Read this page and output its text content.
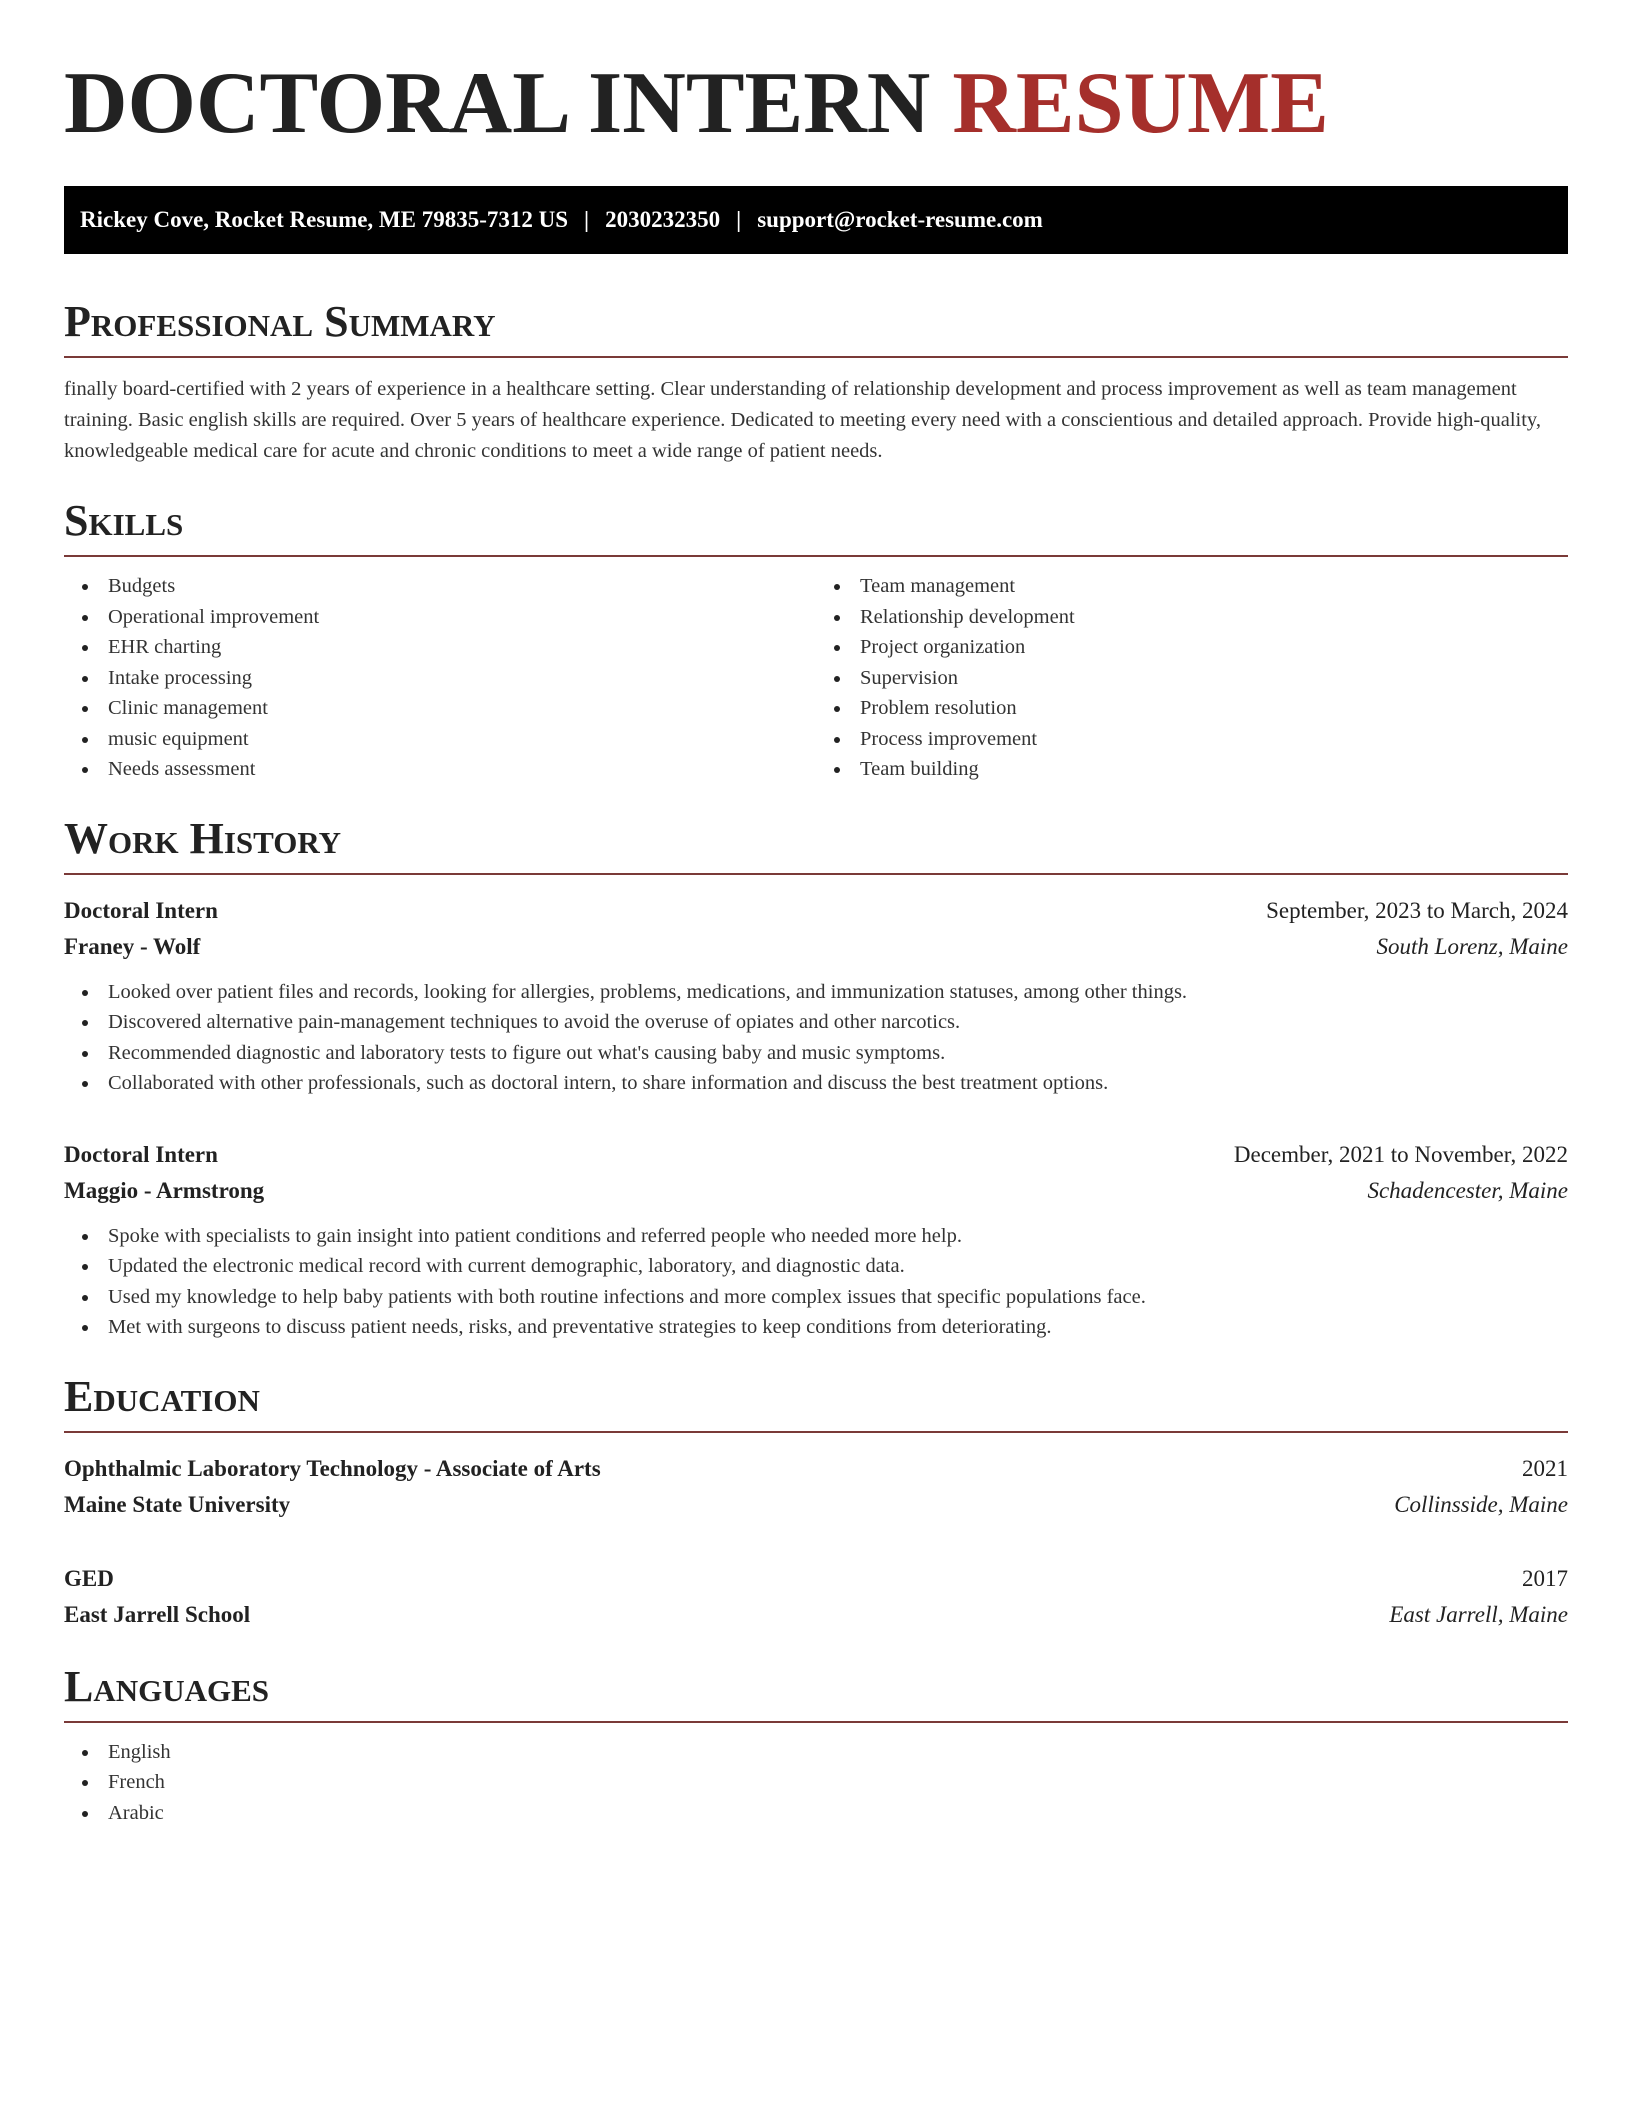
DOCTORAL INTERN RESUME
Rickey Cove, Rocket Resume, ME 79835-7312 US | 2030232350 | support@rocket-resume.com
Professional Summary

finally board-certified with 2 years of experience in a healthcare setting. Clear understanding of relationship development and process improvement as well as team management training. Basic english skills are required. Over 5 years of healthcare experience. Dedicated to meeting every need with a conscientious and detailed approach. Provide high-quality, knowledgeable medical care for acute and chronic conditions to meet a wide range of patient needs.

Skills
Budgets
Operational improvement
EHR charting
Intake processing
Clinic management
music equipment
Needs assessment
Team management
Relationship development
Project organization
Supervision
Problem resolution
Process improvement
Team building
Work History
Doctoral Intern	September, 2023 to March, 2024
Franey - Wolf	South Lorenz, Maine
Looked over patient files and records, looking for allergies, problems, medications, and immunization statuses, among other things.
Discovered alternative pain-management techniques to avoid the overuse of opiates and other narcotics.
Recommended diagnostic and laboratory tests to figure out what's causing baby and music symptoms.
Collaborated with other professionals, such as doctoral intern, to share information and discuss the best treatment options.
Doctoral Intern	December, 2021 to November, 2022
Maggio - Armstrong	Schadencester, Maine
Spoke with specialists to gain insight into patient conditions and referred people who needed more help.
Updated the electronic medical record with current demographic, laboratory, and diagnostic data.
Used my knowledge to help baby patients with both routine infections and more complex issues that specific populations face.
Met with surgeons to discuss patient needs, risks, and preventative strategies to keep conditions from deteriorating.
Education
Ophthalmic Laboratory Technology - Associate of Arts	2021
Maine State University	Collinsside, Maine
GED	2017
East Jarrell School	East Jarrell, Maine
Languages
English
French
Arabic
